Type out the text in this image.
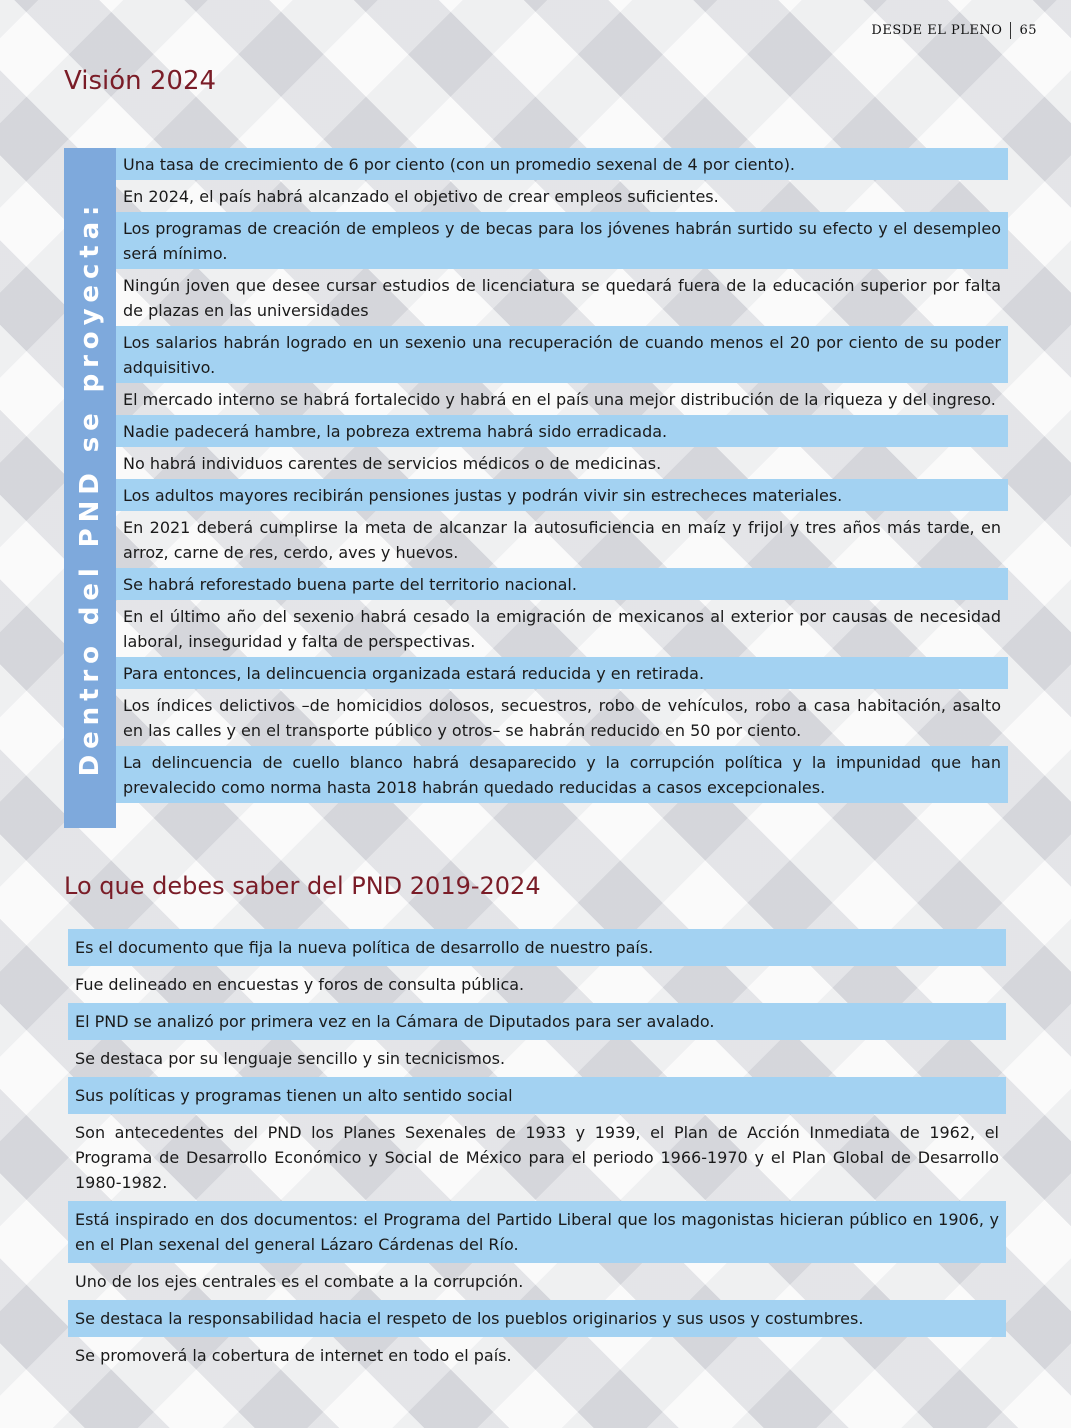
DESDE EL PLENO 65
Visión 2024
Dentro del PND se proyecta:
Una tasa de crecimiento de 6 por ciento (con un promedio sexenal de 4 por ciento).
En 2024, el país habrá alcanzado el objetivo de crear empleos suficientes.
Los programas de creación de empleos y de becas para los jóvenes habrán surtido su efecto y el desempleo será mínimo.
Ningún joven que desee cursar estudios de licenciatura se quedará fuera de la educación superior por falta de plazas en las universidades
Los salarios habrán logrado en un sexenio una recuperación de cuando menos el 20 por ciento de su poder adquisitivo.
El mercado interno se habrá fortalecido y habrá en el país una mejor distribución de la riqueza y del ingreso.
Nadie padecerá hambre, la pobreza extrema habrá sido erradicada.
No habrá individuos carentes de servicios médicos o de medicinas.
Los adultos mayores recibirán pensiones justas y podrán vivir sin estrecheces materiales.
En 2021 deberá cumplirse la meta de alcanzar la autosuficiencia en maíz y frijol y tres años más tarde, en arroz, carne de res, cerdo, aves y huevos.
Se habrá reforestado buena parte del territorio nacional.
En el último año del sexenio habrá cesado la emigración de mexicanos al exterior por causas de necesidad laboral, inseguridad y falta de perspectivas.
Para entonces, la delincuencia organizada estará reducida y en retirada.
Los índices delictivos –de homicidios dolosos, secuestros, robo de vehículos, robo a casa habitación, asalto en las calles y en el transporte público y otros– se habrán reducido en 50 por ciento.
La delincuencia de cuello blanco habrá desaparecido y la corrupción política y la impunidad que han prevalecido como norma hasta 2018 habrán quedado reducidas a casos excepcionales.
Lo que debes saber del PND 2019-2024
Es el documento que fija la nueva política de desarrollo de nuestro país.
Fue delineado en encuestas y foros de consulta pública.
El PND se analizó por primera vez en la Cámara de Diputados para ser avalado.
Se destaca por su lenguaje sencillo y sin tecnicismos.
Sus políticas y programas tienen un alto sentido social
Son antecedentes del PND los Planes Sexenales de 1933 y 1939, el Plan de Acción Inmediata de 1962, el Programa de Desarrollo Económico y Social de México para el periodo 1966-1970 y el Plan Global de Desarrollo 1980-1982.
Está inspirado en dos documentos: el Programa del Partido Liberal que los magonistas hicieran público en 1906, y en el Plan sexenal del general Lázaro Cárdenas del Río.
Uno de los ejes centrales es el combate a la corrupción.
Se destaca la responsabilidad hacia el respeto de los pueblos originarios y sus usos y costumbres.
Se promoverá la cobertura de internet en todo el país.
